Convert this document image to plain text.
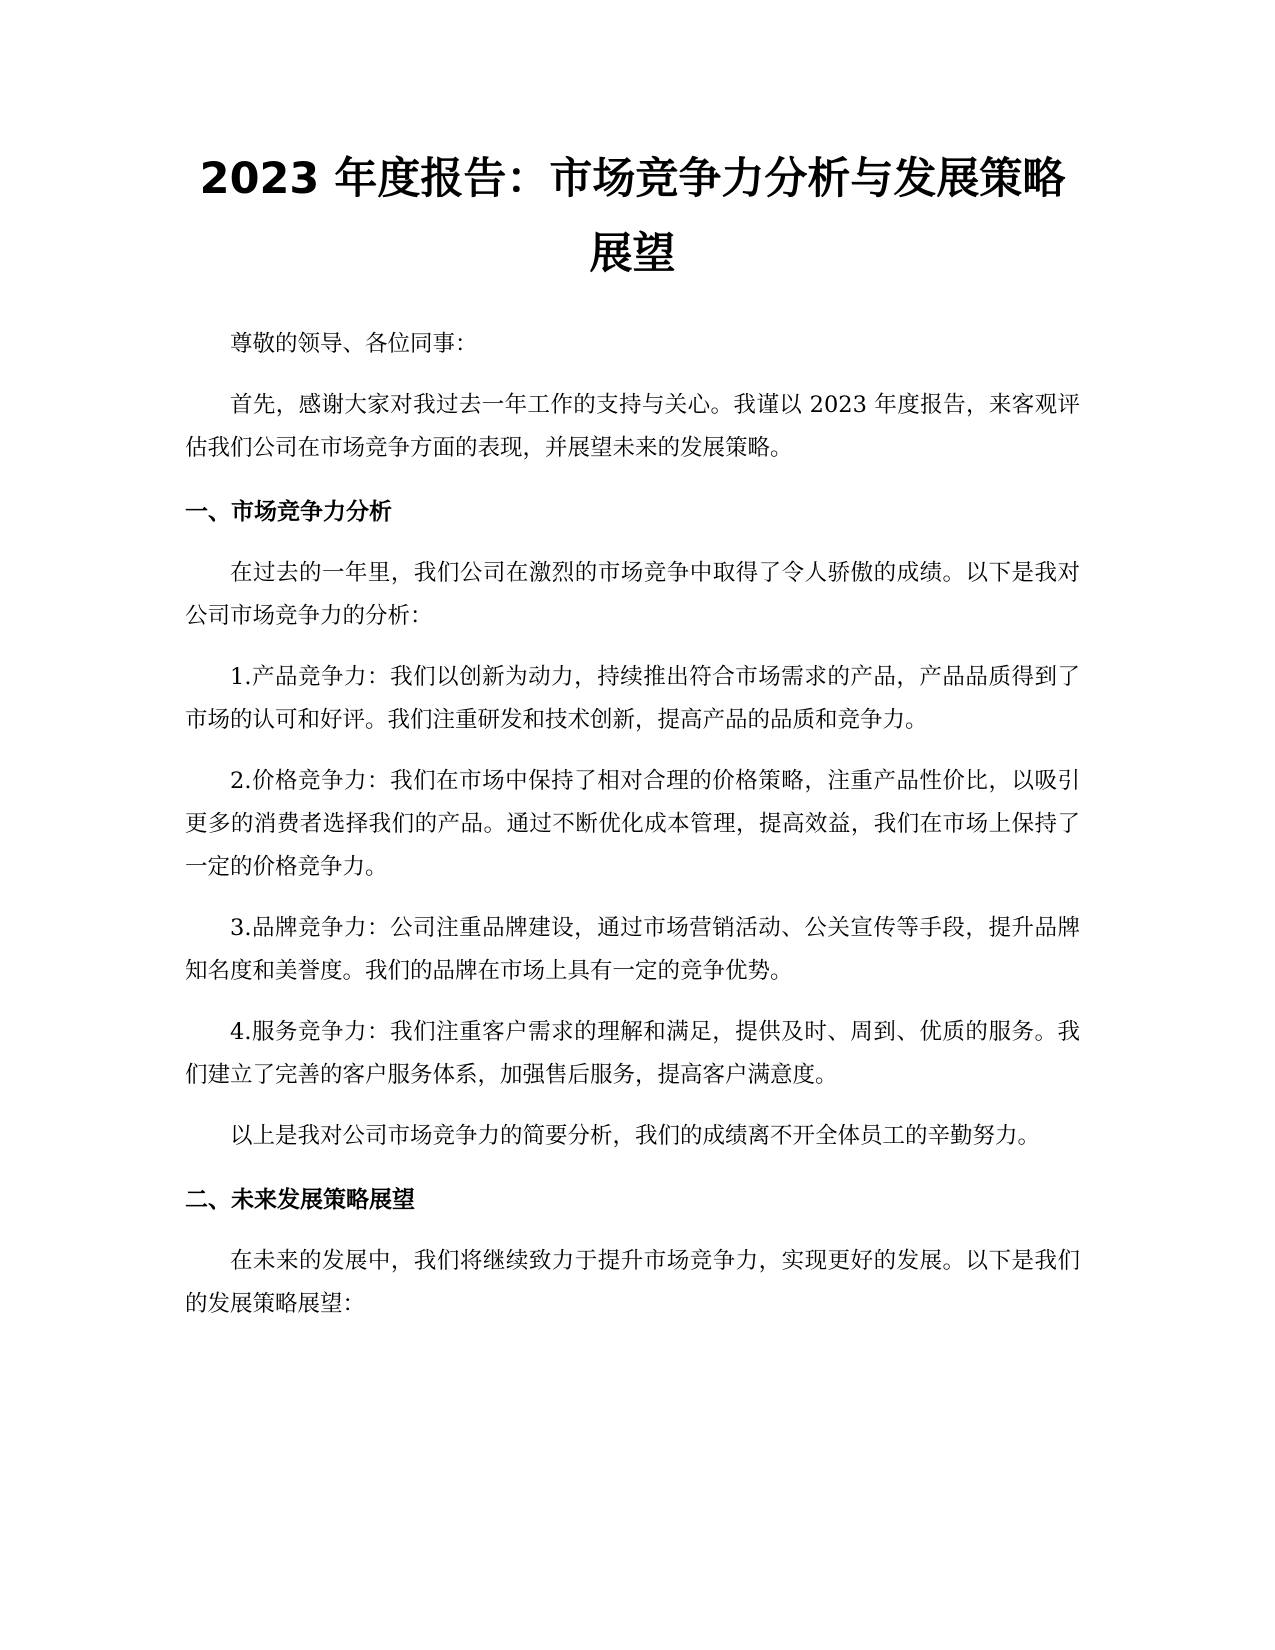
2023 年度报告：市场竞争力分析与发展策略展望

尊敬的领导、各位同事：

首先，感谢大家对我过去一年工作的支持与关心。我谨以 2023 年度报告，来客观评估我们公司在市场竞争方面的表现，并展望未来的发展策略。

一、市场竞争力分析

在过去的一年里，我们公司在激烈的市场竞争中取得了令人骄傲的成绩。以下是我对公司市场竞争力的分析：

1.产品竞争力：我们以创新为动力，持续推出符合市场需求的产品，产品品质得到了市场的认可和好评。我们注重研发和技术创新，提高产品的品质和竞争力。

2.价格竞争力：我们在市场中保持了相对合理的价格策略，注重产品性价比，以吸引更多的消费者选择我们的产品。通过不断优化成本管理，提高效益，我们在市场上保持了一定的价格竞争力。

3.品牌竞争力：公司注重品牌建设，通过市场营销活动、公关宣传等手段，提升品牌知名度和美誉度。我们的品牌在市场上具有一定的竞争优势。

4.服务竞争力：我们注重客户需求的理解和满足，提供及时、周到、优质的服务。我们建立了完善的客户服务体系，加强售后服务，提高客户满意度。

以上是我对公司市场竞争力的简要分析，我们的成绩离不开全体员工的辛勤努力。

二、未来发展策略展望

在未来的发展中，我们将继续致力于提升市场竞争力，实现更好的发展。以下是我们的发展策略展望：
